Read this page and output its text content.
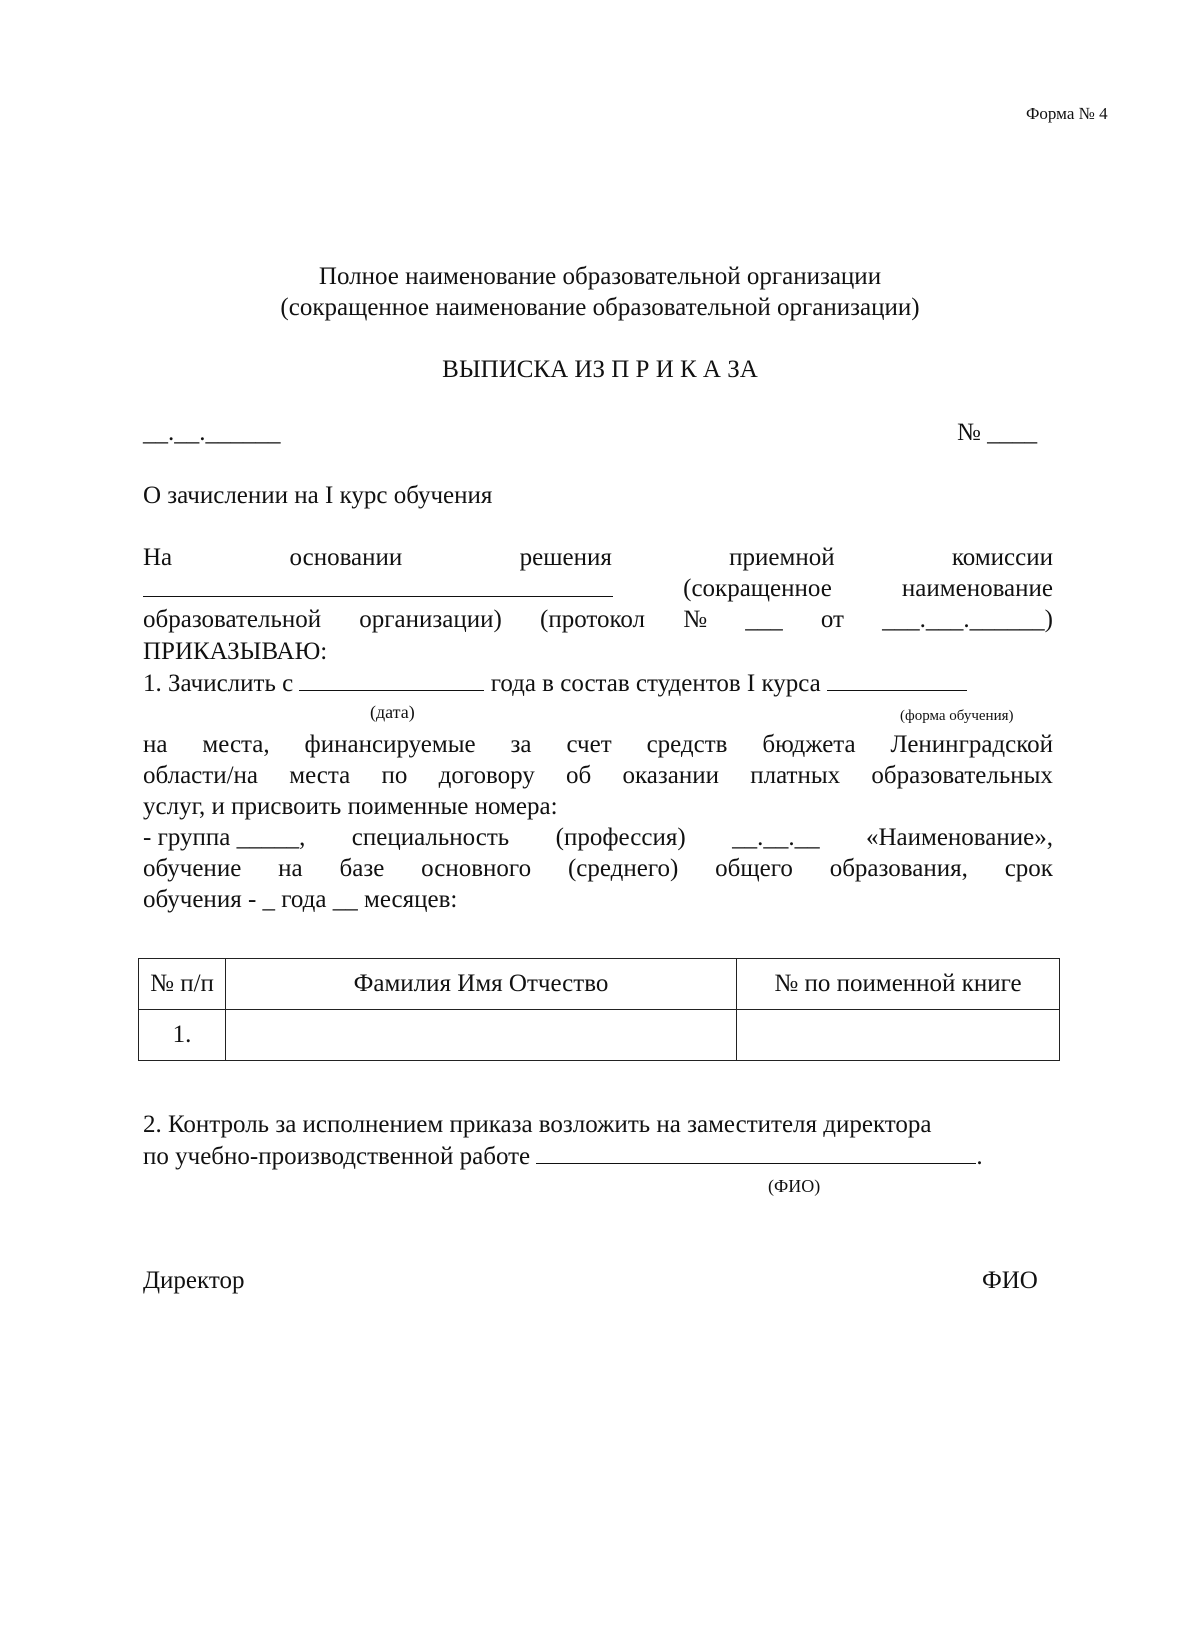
Форма № 4
Полное наименование образовательной организации
(сокращенное наименование образовательной организации)
ВЫПИСКА ИЗ П Р И К А ЗА
__.__.______	№ ____
О зачислении на I курс обучения
На	основании	решения	приемной	комиссии
(сокращенное	наименование
образовательной организации) (протокол № ___ от ___.___.______)
ПРИКАЗЫВАЮ:
1. Зачислить с	года в состав студентов I курса
(дата)	(форма обучения)
на места, финансируемые за счет средств бюджета Ленинградской
области/на места по договору об оказании платных образовательных
услуг, и присвоить поименные номера:
- группа _____, специальность (профессия) __.__.__ «Наименование»,
обучение на базе основного (среднего) общего образования, срок
обучения - _ года __ месяцев:
№ п/п	Фамилия Имя Отчество	№ по поименной книге
1.		
2. Контроль за исполнением приказа возложить на заместителя директора
по учебно-производственной работе	.
(ФИО)
Директор	ФИО
